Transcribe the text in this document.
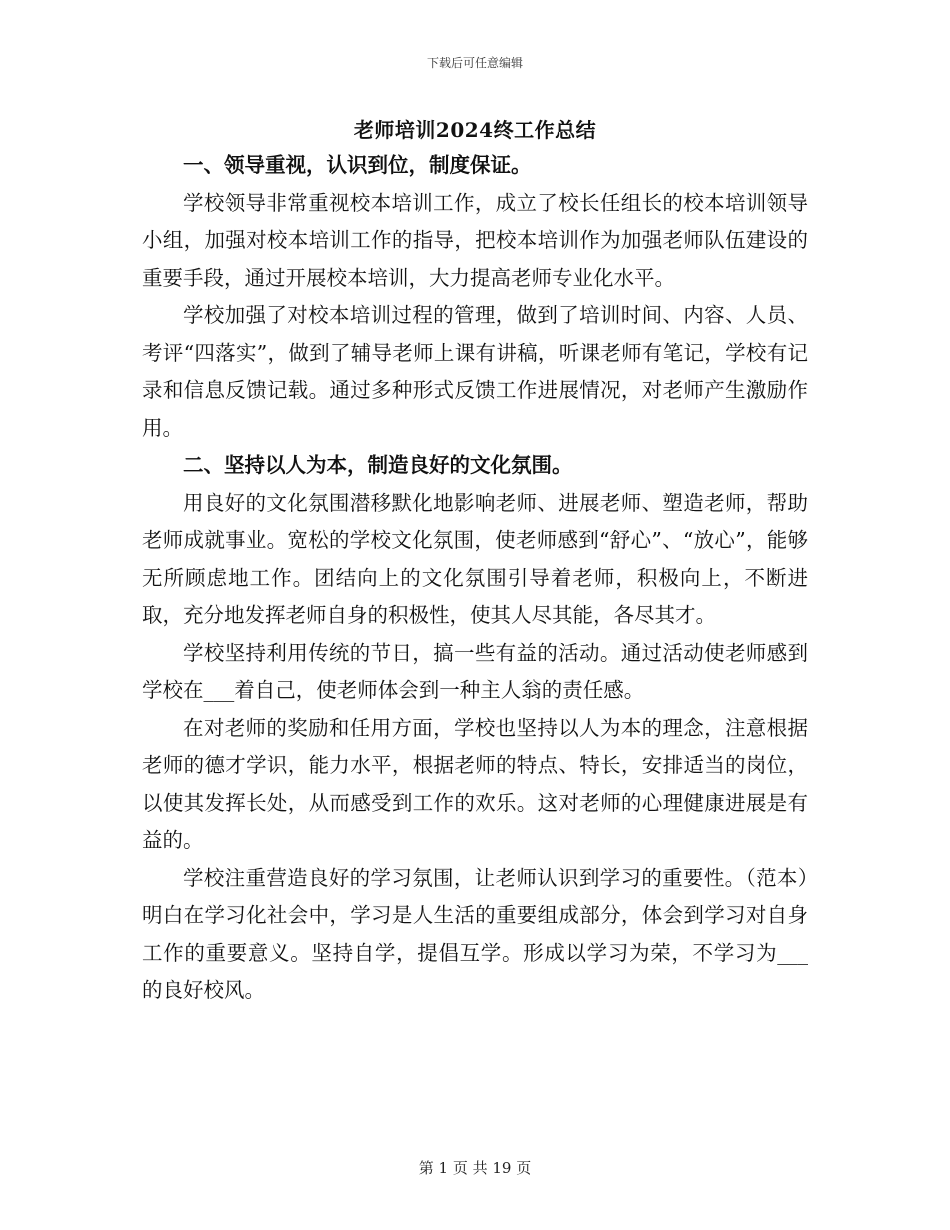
下载后可任意编辑
老师培训2024终工作总结
一、领导重视，认识到位，制度保证。

学校领导非常重视校本培训工作，成立了校长任组长的校本培训领导小组，加强对校本培训工作的指导，把校本培训作为加强老师队伍建设的重要手段，通过开展校本培训，大力提高老师专业化水平。

学校加强了对校本培训过程的管理，做到了培训时间、内容、人员、考评“四落实”，做到了辅导老师上课有讲稿，听课老师有笔记，学校有记录和信息反馈记载。通过多种形式反馈工作进展情况，对老师产生激励作用。

二、坚持以人为本，制造良好的文化氛围。

用良好的文化氛围潜移默化地影响老师、进展老师、塑造老师，帮助老师成就事业。宽松的学校文化氛围，使老师感到“舒心”、“放心”，能够无所顾虑地工作。团结向上的文化氛围引导着老师，积极向上，不断进取，充分地发挥老师自身的积极性，使其人尽其能，各尽其才。

学校坚持利用传统的节日，搞一些有益的活动。通过活动使老师感到学校在___着自己，使老师体会到一种主人翁的责任感。

在对老师的奖励和任用方面，学校也坚持以人为本的理念，注意根据老师的德才学识，能力水平，根据老师的特点、特长，安排适当的岗位，以使其发挥长处，从而感受到工作的欢乐。这对老师的心理健康进展是有益的。

学校注重营造良好的学习氛围，让老师认识到学习的重要性。（范本）明白在学习化社会中，学习是人生活的重要组成部分，体会到学习对自身工作的重要意义。坚持自学，提倡互学。形成以学习为荣，不学习为___的良好校风。

第 1 页 共 19 页
